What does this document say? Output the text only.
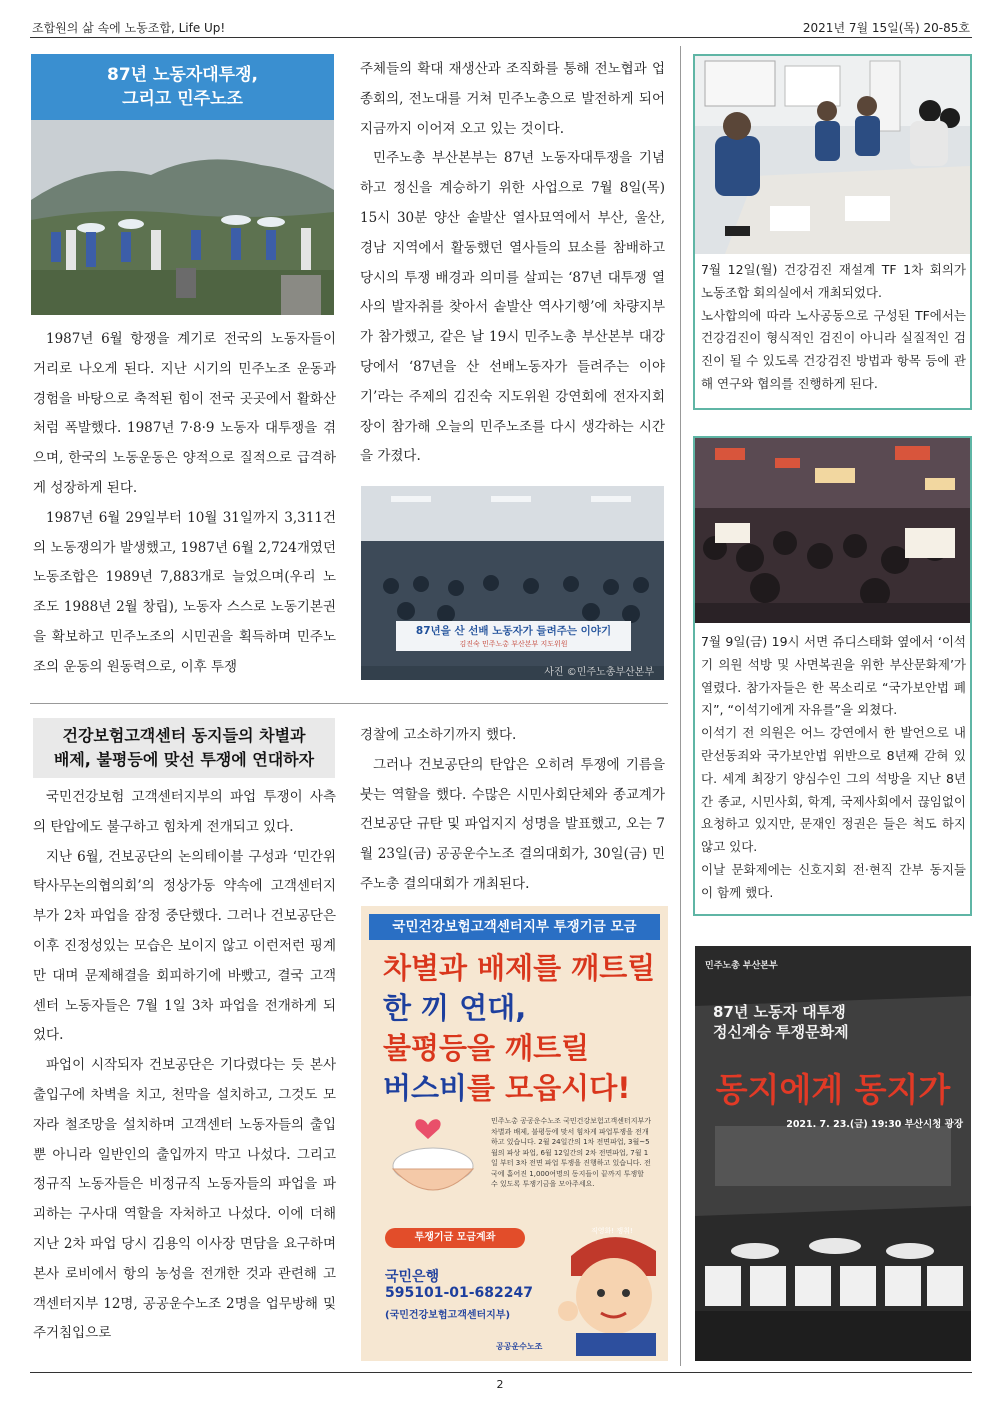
조합원의 삶 속에 노동조합, Life Up!	2021년 7월 15일(목) 20-85호
87년 노동자대투쟁,
그리고 민주노조

1987년 6월 항쟁을 계기로 전국의 노동자들이 거리로 나오게 된다. 지난 시기의 민주노조 운동과 경험을 바탕으로 축적된 힘이 전국 곳곳에서 활화산처럼 폭발했다. 1987년 7·8·9 노동자 대투쟁을 겪으며, 한국의 노동운동은 양적으로 질적으로 급격하게 성장하게 된다.

1987년 6월 29일부터 10월 31일까지 3,311건의 노동쟁의가 발생했고, 1987년 6월 2,724개였던 노동조합은 1989년 7,883개로 늘었으며(우리 노조도 1988년 2월 창립), 노동자 스스로 노동기본권을 확보하고 민주노조의 시민권을 획득하며 민주노조의 운동의 원동력으로, 이후 투쟁

주체들의 확대 재생산과 조직화를 통해 전노협과 업종회의, 전노대를 거쳐 민주노총으로 발전하게 되어 지금까지 이어져 오고 있는 것이다.

민주노총 부산본부는 87년 노동자대투쟁을 기념하고 정신을 계승하기 위한 사업으로 7월 8일(목) 15시 30분 양산 솥발산 열사묘역에서 부산, 울산, 경남 지역에서 활동했던 열사들의 묘소를 참배하고 당시의 투쟁 배경과 의미를 살피는 ‘87년 대투쟁 열사의 발자취를 찾아서 솥발산 역사기행’에 차량지부가 참가했고, 같은 날 19시 민주노총 부산본부 대강당에서 ‘87년을 산 선배노동자가 들려주는 이야기’라는 주제의 김진숙 지도위원 강연회에 전자지회장이 참가해 오늘의 민주노조를 다시 생각하는 시간을 가졌다.

87년을 산 선배 노동자가 들려주는 이야기
김진숙 민주노총 부산본부 지도위원
사진 ©민주노총부산본부
건강보험고객센터 동지들의 차별과
배제, 불평등에 맞선 투쟁에 연대하자

국민건강보험 고객센터지부의 파업 투쟁이 사측의 탄압에도 불구하고 힘차게 전개되고 있다.

지난 6월, 건보공단의 논의테이블 구성과 ‘민간위탁사무논의협의회’의 정상가동 약속에 고객센터지부가 2차 파업을 잠정 중단했다. 그러나 건보공단은 이후 진정성있는 모습은 보이지 않고 이런저런 핑계만 대며 문제해결을 회피하기에 바빴고, 결국 고객센터 노동자들은 7월 1일 3차 파업을 전개하게 되었다.

파업이 시작되자 건보공단은 기다렸다는 듯 본사 출입구에 차벽을 치고, 천막을 설치하고, 그것도 모자라 철조망을 설치하며 고객센터 노동자들의 출입 뿐 아니라 일반인의 출입까지 막고 나섰다. 그리고 정규직 노동자들은 비정규직 노동자들의 파업을 파괴하는 구사대 역할을 자처하고 나섰다. 이에 더해 지난 2차 파업 당시 김용익 이사장 면담을 요구하며 본사 로비에서 항의 농성을 전개한 것과 관련해 고객센터지부 12명, 공공운수노조 2명을 업무방해 및 주거침입으로

경찰에 고소하기까지 했다.

그러나 건보공단의 탄압은 오히려 투쟁에 기름을 붓는 역할을 했다. 수많은 시민사회단체와 종교계가 건보공단 규탄 및 파업지지 성명을 발표했고, 오는 7월 23일(금) 공공운수노조 결의대회가, 30일(금) 민주노총 결의대회가 개최된다.

국민건강보험고객센터지부 투쟁기금 모금
차별과 배제를 깨트릴
한 끼 연대,
불평등을 깨트릴
버스비를 모읍시다!
민주노총 공공운수노조 국민건강보험고객센터지부가 차별과 배제, 불평등에 맞서 힘차게 파업투쟁을 전개하고 있습니다. 2월 24일간의 1차 전면파업, 3월~5월의 파상 파업, 6월 12일간의 2차 전면파업, 7월 1일 부터 3차 전면 파업 투쟁을 진행하고 있습니다. 전국에 흩어진 1,000여명의 동지들이 끝까지 투쟁할 수 있도록 투쟁기금을 모아주세요.
투쟁기금 모금계좌
국민은행
595101-01-682247
(국민건강보험고객센터지부)
직영화! 쟁취!
공공운수노조
7월 12일(월) 건강검진 재설계 TF 1차 회의가 노동조합 회의실에서 개최되었다.
노사합의에 따라 노사공동으로 구성된 TF에서는 건강검진이 형식적인 검진이 아니라 실질적인 검진이 될 수 있도록 건강검진 방법과 항목 등에 관해 연구와 협의를 진행하게 된다.
7월 9일(금) 19시 서면 쥬디스태화 옆에서 ‘이석기 의원 석방 및 사면복권을 위한 부산문화제’가 열렸다. 참가자들은 한 목소리로 “국가보안법 폐지”, “이석기에게 자유를”을 외쳤다.
이석기 전 의원은 어느 강연에서 한 발언으로 내란선동죄와 국가보안법 위반으로 8년째 갇혀 있다. 세계 최장기 양심수인 그의 석방을 지난 8년간 종교, 시민사회, 학계, 국제사회에서 끊임없이 요청하고 있지만, 문재인 정권은 들은 척도 하지 않고 있다.
이날 문화제에는 신호지회 전·현직 간부 동지들이 함께 했다.
민주노총 부산본부
87년 노동자 대투쟁
정신계승 투쟁문화제
동지에게 동지가
2021. 7. 23.(금) 19:30 부산시청 광장
2
